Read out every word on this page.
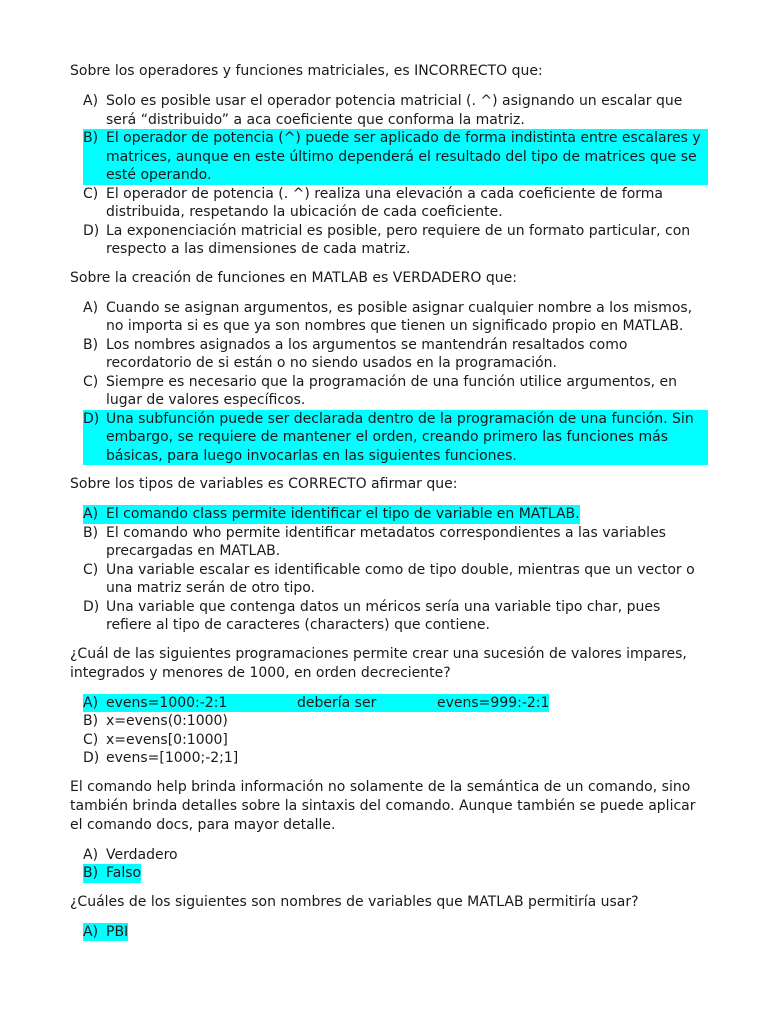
Sobre los operadores y funciones matriciales, es INCORRECTO que:
A) Solo es posible usar el operador potencia matricial (. ^) asignando un escalar que será “distribuido” a aca coeficiente que conforma la matriz.
B) El operador de potencia (^) puede ser aplicado de forma indistinta entre escalares y matrices, aunque en este último dependerá el resultado del tipo de matrices que se esté operando.
C) El operador de potencia (. ^) realiza una elevación a cada coeficiente de forma distribuida, respetando la ubicación de cada coeficiente.
D) La exponenciación matricial es posible, pero requiere de un formato particular, con respecto a las dimensiones de cada matriz.
Sobre la creación de funciones en MATLAB es VERDADERO que:
A) Cuando se asignan argumentos, es posible asignar cualquier nombre a los mismos, no importa si es que ya son nombres que tienen un significado propio en MATLAB.
B) Los nombres asignados a los argumentos se mantendrán resaltados como recordatorio de si están o no siendo usados en la programación.
C) Siempre es necesario que la programación de una función utilice argumentos, en lugar de valores específicos.
D) Una subfunción puede ser declarada dentro de la programación de una función. Sin embargo, se requiere de mantener el orden, creando primero las funciones más básicas, para luego invocarlas en las siguientes funciones.
Sobre los tipos de variables es CORRECTO afirmar que:
A) El comando class permite identificar el tipo de variable en MATLAB.
B) El comando who permite identificar metadatos correspondientes a las variables precargadas en MATLAB.
C) Una variable escalar es identificable como de tipo double, mientras que un vector o una matriz serán de otro tipo.
D) Una variable que contenga datos un méricos sería una variable tipo char, pues refiere al tipo de caracteres (characters) que contiene.
¿Cuál de las siguientes programaciones permite crear una sucesión de valores impares, integrados y menores de 1000, en orden decreciente?
A) evens=1000:-2:1	debería ser	evens=999:-2:1
B) x=evens(0:1000)
C) x=evens[0:1000]
D) evens=[1000;-2;1]
El comando help brinda información no solamente de la semántica de un comando, sino también brinda detalles sobre la sintaxis del comando. Aunque también se puede aplicar el comando docs, para mayor detalle.
A) Verdadero
B) Falso
¿Cuáles de los siguientes son nombres de variables que MATLAB permitiría usar?
A) PBI
